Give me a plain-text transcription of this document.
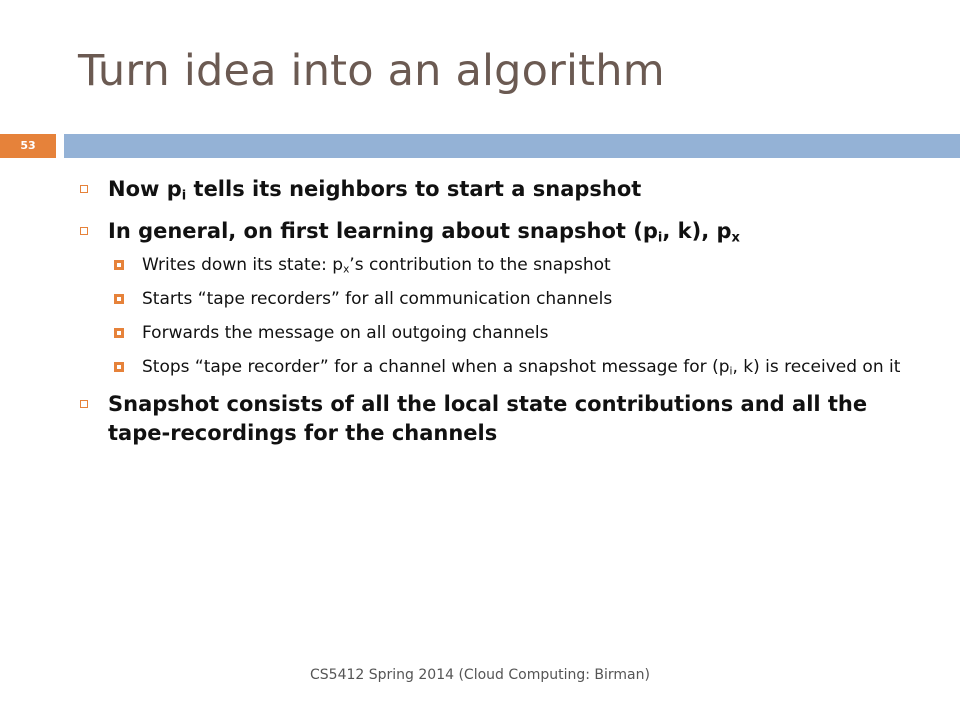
Turn idea into an algorithm
53
Now $p_i$ tells its neighbors to start a snapshot
In general, on first learning about snapshot ($p_i$, k), $p_x$
Writes down its state: $p_x’s$ contribution to the snapshot
Starts “tape recorders” for all communication channels
Forwards the message on all outgoing channels
Stops “tape recorder” for a channel when a snapshot message for ($p_i$, k) is received on it
Snapshot consists of all the local state contributions and all the tape-recordings for the channels
CS5412 Spring 2014 (Cloud Computing: Birman)
